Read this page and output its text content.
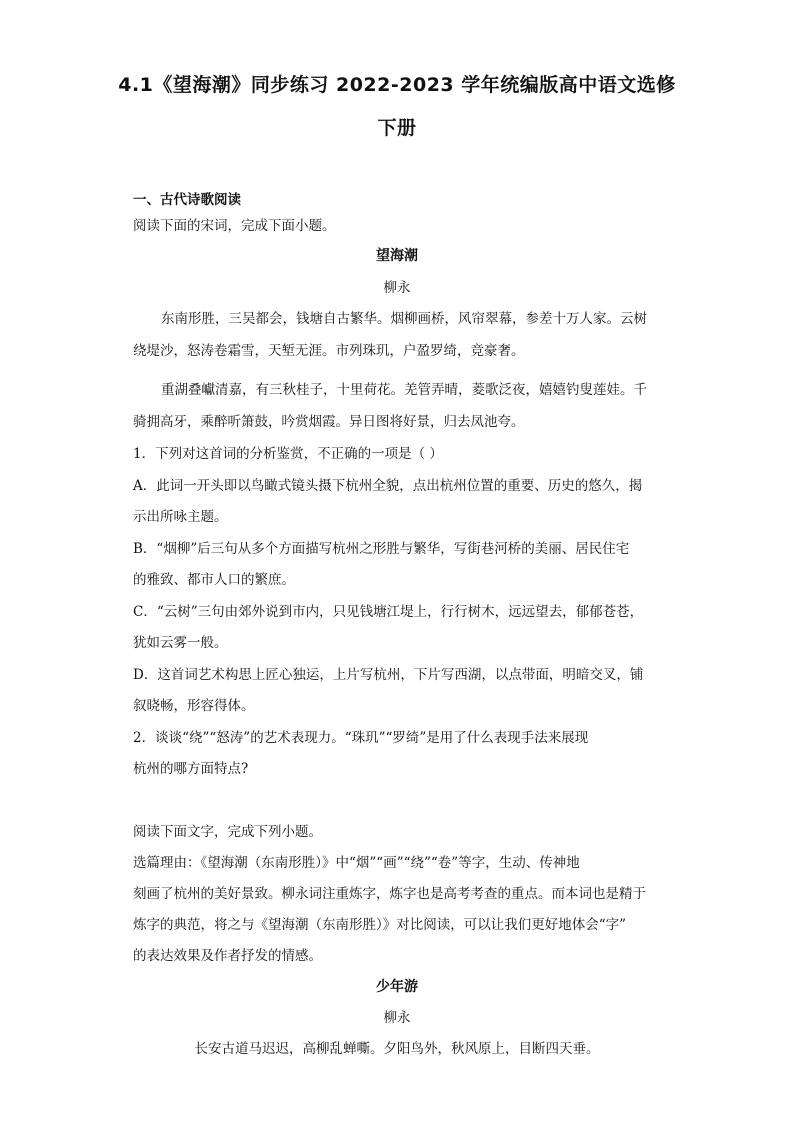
4.1《望海潮》同步练习 2022-2023 学年统编版高中语文选修
下册
一、古代诗歌阅读
阅读下面的宋词，完成下面小题。
望海潮
柳永
东南形胜，三吴都会，钱塘自古繁华。烟柳画桥，风帘翠幕，参差十万人家。云树
绕堤沙，怒涛卷霜雪，天堑无涯。市列珠玑，户盈罗绮，竞豪奢。
重湖叠巘清嘉，有三秋桂子，十里荷花。羌管弄晴，菱歌泛夜，嬉嬉钓叟莲娃。千
骑拥高牙，乘醉听箫鼓，吟赏烟霞。异日图将好景，归去凤池夸。
1．下列对这首词的分析鉴赏，不正确的一项是（ ）
A．此词一开头即以鸟瞰式镜头摄下杭州全貌，点出杭州位置的重要、历史的悠久，揭
示出所咏主题。
B．“烟柳”后三句从多个方面描写杭州之形胜与繁华，写街巷河桥的美丽、居民住宅
的雅致、都市人口的繁庶。
C．“云树”三句由郊外说到市内，只见钱塘江堤上，行行树木，远远望去，郁郁苍苍，
犹如云雾一般。
D．这首词艺术构思上匠心独运，上片写杭州，下片写西湖，以点带面，明暗交叉，铺
叙晓畅，形容得体。
2．谈谈“绕”“怒涛”的艺术表现力。“珠玑”“罗绮”是用了什么表现手法来展现
杭州的哪方面特点?
阅读下面文字，完成下列小题。
选篇理由：《望海潮（东南形胜）》中“烟”“画”“绕”“卷”等字，生动、传神地
刻画了杭州的美好景致。柳永词注重炼字，炼字也是高考考查的重点。而本词也是精于
炼字的典范，将之与《望海潮（东南形胜）》对比阅读，可以让我们更好地体会“字”
的表达效果及作者抒发的情感。
少年游
柳永
长安古道马迟迟，高柳乱蝉嘶。夕阳鸟外，秋风原上，目断四天垂。
